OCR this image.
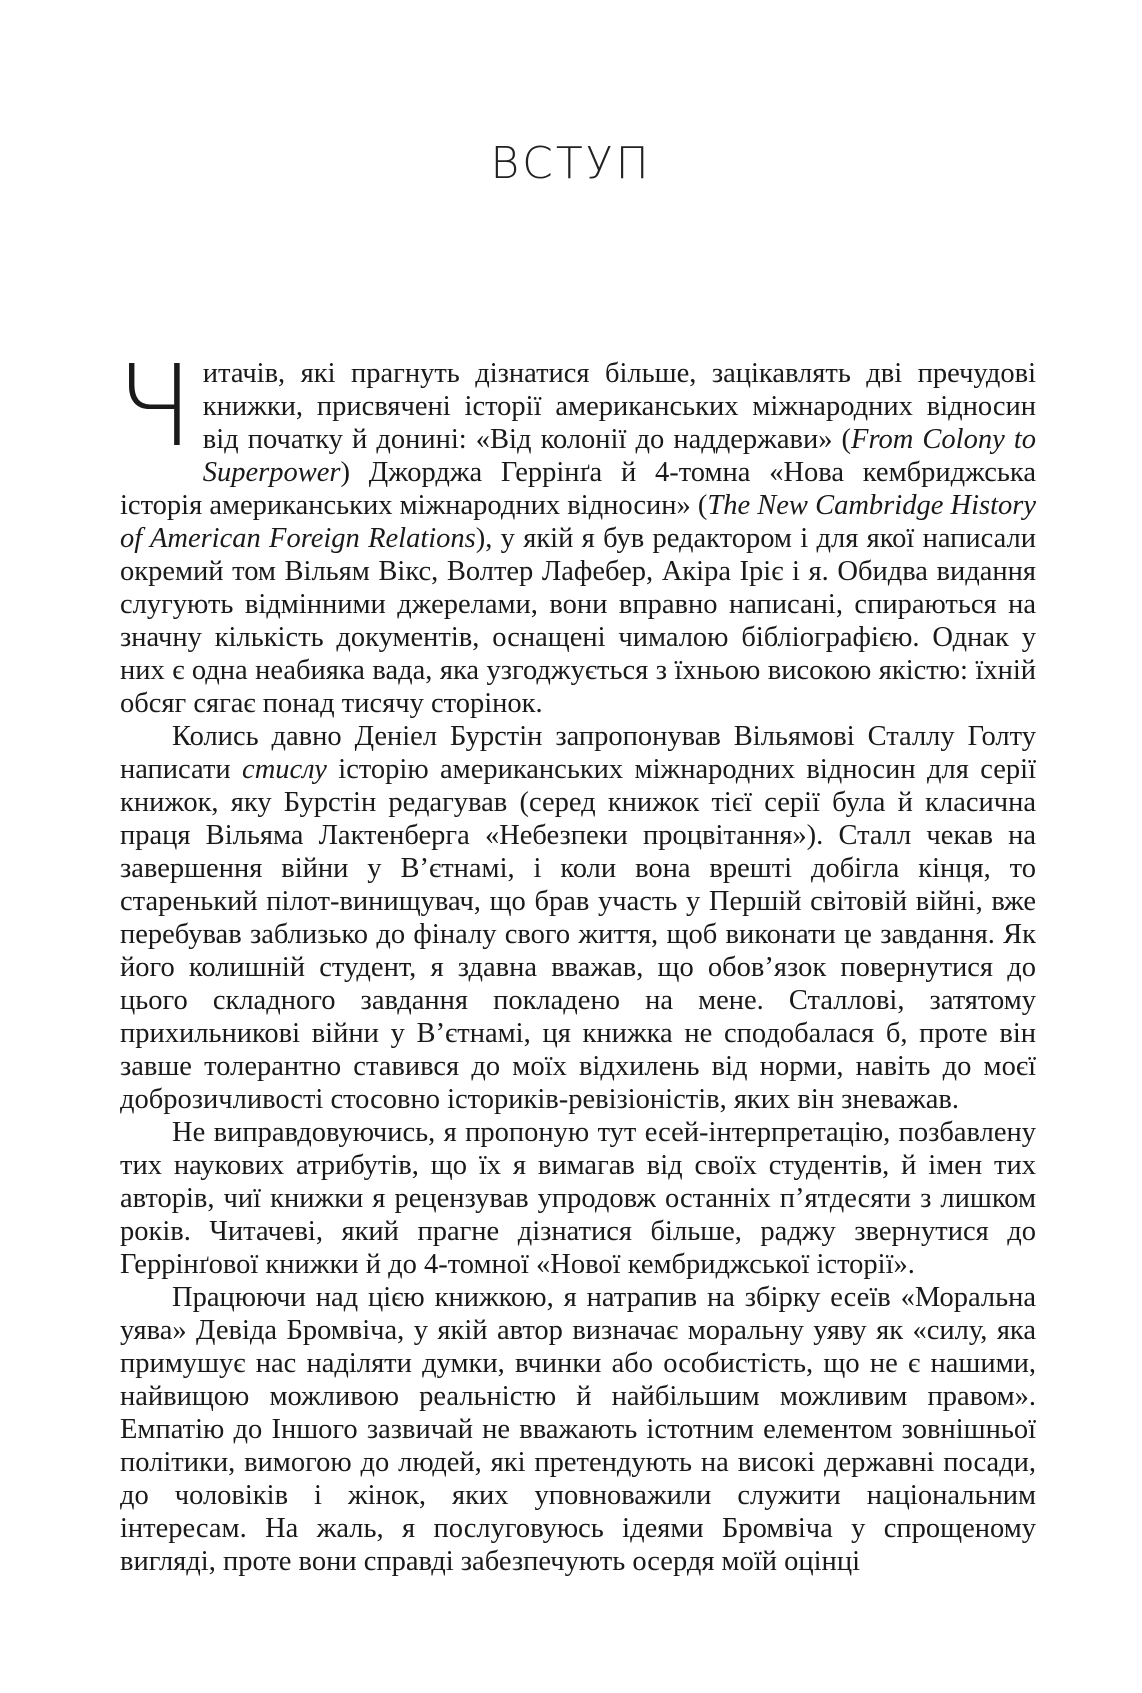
ВСТУП

Читачів, які прагнуть дізнатися більше, зацікавлять дві пречудові книжки, присвячені історії американських міжнародних відносин від початку й донині: «Від колонії до наддержави» (From Colony to Superpower) Джорджа Геррінґа й 4-томна «Нова кембриджська історія американських міжнародних відносин» (The New Cambridge History of American Foreign Relations), у якій я був редактором і для якої написали окремий том Вільям Вікс, Волтер Лафебер, Акіра Іріє і я. Обидва видання слугують відмінними джерелами, вони вправно написані, спираються на значну кількість документів, оснащені чималою бібліографією. Однак у них є одна неабияка вада, яка узгоджується з їхньою високою якістю: їхній обсяг сягає понад тисячу сторінок.

Колись давно Деніел Бурстін запропонував Вільямові Сталлу Голту написати стислу історію американських міжнародних відносин для серії книжок, яку Бурстін редагував (серед книжок тієї серії була й класична праця Вільяма Лактенберга «Небезпеки процвітання»). Сталл чекав на завершення війни у В’єтнамі, і коли вона врешті добігла кінця, то старенький пілот-винищувач, що брав участь у Першій світовій війні, вже перебував заблизько до фіналу свого життя, щоб виконати це завдання. Як його колишній студент, я здавна вважав, що обов’язок повернутися до цього складного завдання покладено на мене. Сталлові, затятому прихильникові війни у В’єтнамі, ця книжка не сподобалася б, проте він завше толерантно ставився до моїх відхилень від норми, навіть до моєї доброзичливості стосовно істориків-ревізіоністів, яких він зневажав.

Не виправдовуючись, я пропоную тут есей-інтерпретацію, позбавлену тих наукових атрибутів, що їх я вимагав від своїх студентів, й імен тих авторів, чиї книжки я рецензував упродовж останніх п’ятдесяти з лишком років. Читачеві, який прагне дізнатися більше, раджу звернутися до Геррінґової книжки й до 4-томної «Нової кембриджської історії».

Працюючи над цією книжкою, я натрапив на збірку есеїв «Моральна уява» Девіда Бромвіча, у якій автор визначає моральну уяву як «силу, яка примушує нас наділяти думки, вчинки або особистість, що не є нашими, найвищою можливою реальністю й найбільшим можливим правом». Емпатію до Іншого зазвичай не вважають істотним елементом зовнішньої політики, вимогою до людей, які претендують на високі державні посади, до чоловіків і жінок, яких уповноважили служити національним інтересам. На жаль, я послуговуюсь ідеями Бромвіча у спрощеному вигляді, проте вони справді забезпечують осердя моїй оцінці
